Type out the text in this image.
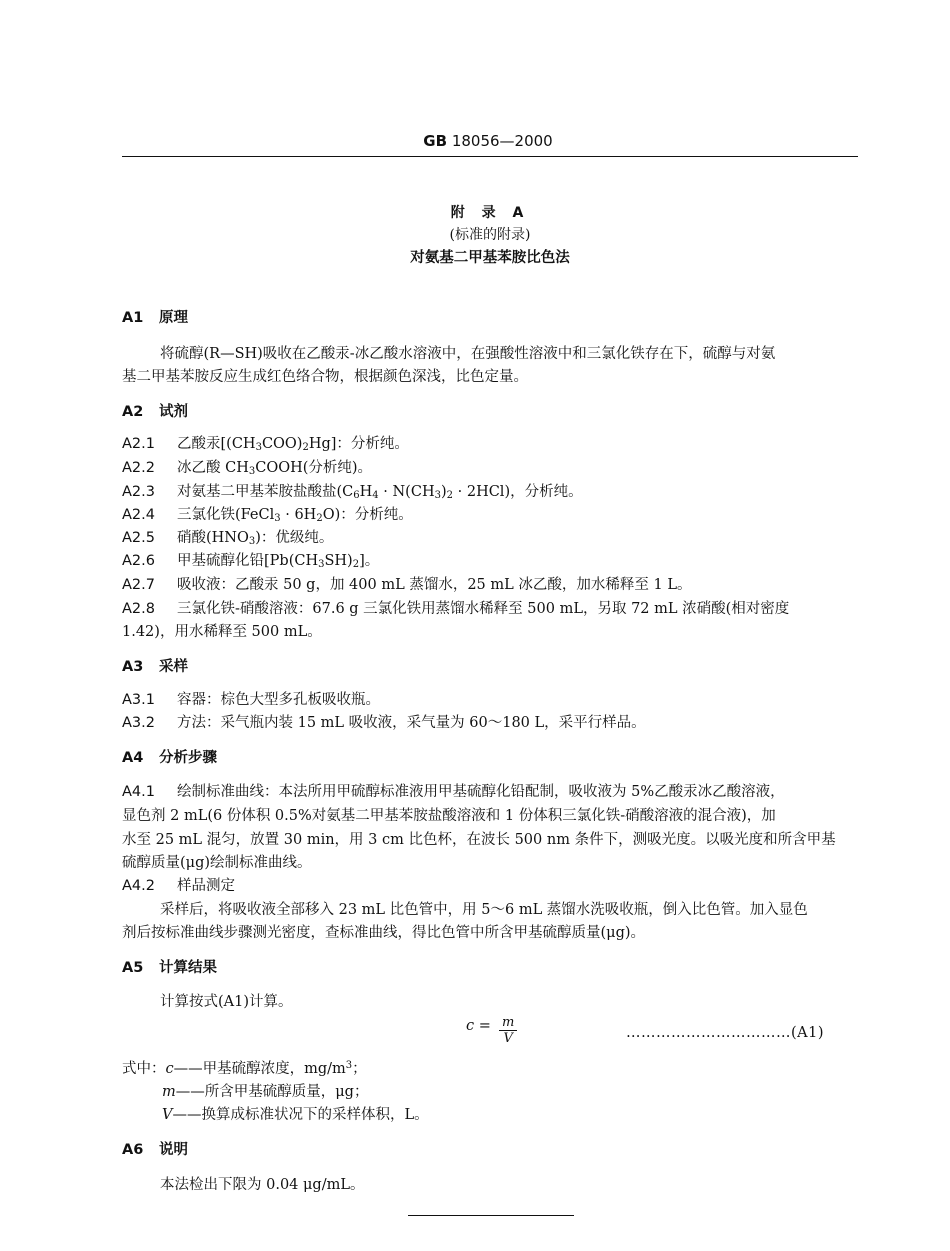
GB 18056—2000
附 录 A
(标准的附录)
对氨基二甲基苯胺比色法
A1 原理
将硫醇(R—SH)吸收在乙酸汞-冰乙酸水溶液中，在强酸性溶液中和三氯化铁存在下，硫醇与对氨
基二甲基苯胺反应生成红色络合物，根据颜色深浅，比色定量。
A2 试剂
A2.1 乙酸汞$[(CH_3COO)_2Hg]$：分析纯。
A2.2 冰乙酸 $CH_3COOH$(分析纯)。
A2.3 对氨基二甲基苯胺盐酸盐$(C_6H_4 \cdot N(CH_3)_2 \cdot 2HCl)$，分析纯。
A2.4 三氯化铁(FeCl$_3$ · $6H_2O$)：分析纯。
A2.5 硝酸$(HNO_3)$：优级纯。
A2.6 甲基硫醇化铅$[Pb(CH_3SH)_2]$。
A2.7 吸收液：乙酸汞 50 g，加 400 mL 蒸馏水，25 mL 冰乙酸，加水稀释至 1 L。
A2.8 三氯化铁-硝酸溶液：67.6 g 三氯化铁用蒸馏水稀释至 500 mL，另取 72 mL 浓硝酸(相对密度
1.42)，用水稀释至 500 mL。
A3 采样
A3.1 容器：棕色大型多孔板吸收瓶。
A3.2 方法：采气瓶内装 15 mL 吸收液，采气量为 60～180 L，采平行样品。
A4 分析步骤
A4.1 绘制标准曲线：本法所用甲硫醇标准液用甲基硫醇化铅配制，吸收液为 5%乙酸汞冰乙酸溶液，
显色剂 2 mL(6 份体积 0.5%对氨基二甲基苯胺盐酸溶液和 1 份体积三氯化铁-硝酸溶液的混合液)，加
水至 25 mL 混匀，放置 30 min，用 3 cm 比色杯，在波长 500 nm 条件下，测吸光度。以吸光度和所含甲基
硫醇质量(μg)绘制标准曲线。
A4.2 样品测定
采样后，将吸收液全部移入 23 mL 比色管中，用 5～6 mL 蒸馏水洗吸收瓶，倒入比色管。加入显色
剂后按标准曲线步骤测光密度，查标准曲线，得比色管中所含甲基硫醇质量(μg)。
A5 计算结果
计算按式(A1)计算。
$c = \frac{m}{V}$	……………………………(A1)
式中：c——甲基硫醇浓度，$mg/m^3$；
m——所含甲基硫醇质量，μg；
V——换算成标准状况下的采样体积，L。
A6 说明
本法检出下限为 0.04 μg/mL。
